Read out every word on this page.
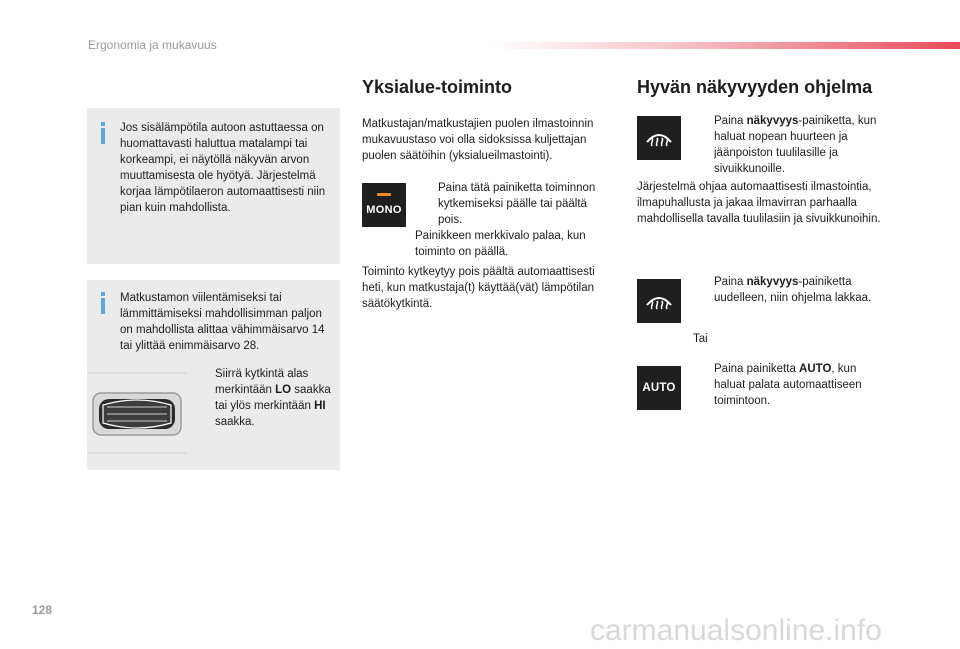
Ergonomia ja mukavuus
Jos sisälämpötila autoon astuttaessa on huomattavasti haluttua matalampi tai korkeampi, ei näytöllä näkyvän arvon muuttamisesta ole hyötyä. Järjestelmä korjaa lämpötilaeron automaattisesti niin pian kuin mahdollista.
Matkustamon viilentämiseksi tai lämmittämiseksi mahdollisimman paljon on mahdollista alittaa vähimmäisarvo 14 tai ylittää enimmäisarvo 28.
Siirrä kytkintä alas merkintään LO saakka tai ylös merkintään HI saakka.
Yksialue-toiminto
Matkustajan/matkustajien puolen ilmastoinnin mukavuustaso voi olla sidoksissa kuljettajan puolen säätöihin (yksialueilmastointi).
MONO
Paina tätä painiketta toiminnon kytkemiseksi päälle tai päältä pois.
Painikkeen merkkivalo palaa, kun toiminto on päällä.
Toiminto kytkeytyy pois päältä automaattisesti heti, kun matkustaja(t) käyttää(vät) lämpötilan säätökytkintä.
Hyvän näkyvyyden ohjelma
Paina näkyvyys-painiketta, kun haluat nopean huurteen ja jäänpoiston tuulilasille ja sivuikkunoille.
Järjestelmä ohjaa automaattisesti ilmastointia, ilmapuhallusta ja jakaa ilmavirran parhaalla mahdollisella tavalla tuulilasiin ja sivuikkunoihin.
Paina näkyvyys-painiketta uudelleen, niin ohjelma lakkaa.
Tai
AUTO
Paina painiketta AUTO, kun haluat palata automaattiseen toimintoon.
128
carmanualsonline.info
